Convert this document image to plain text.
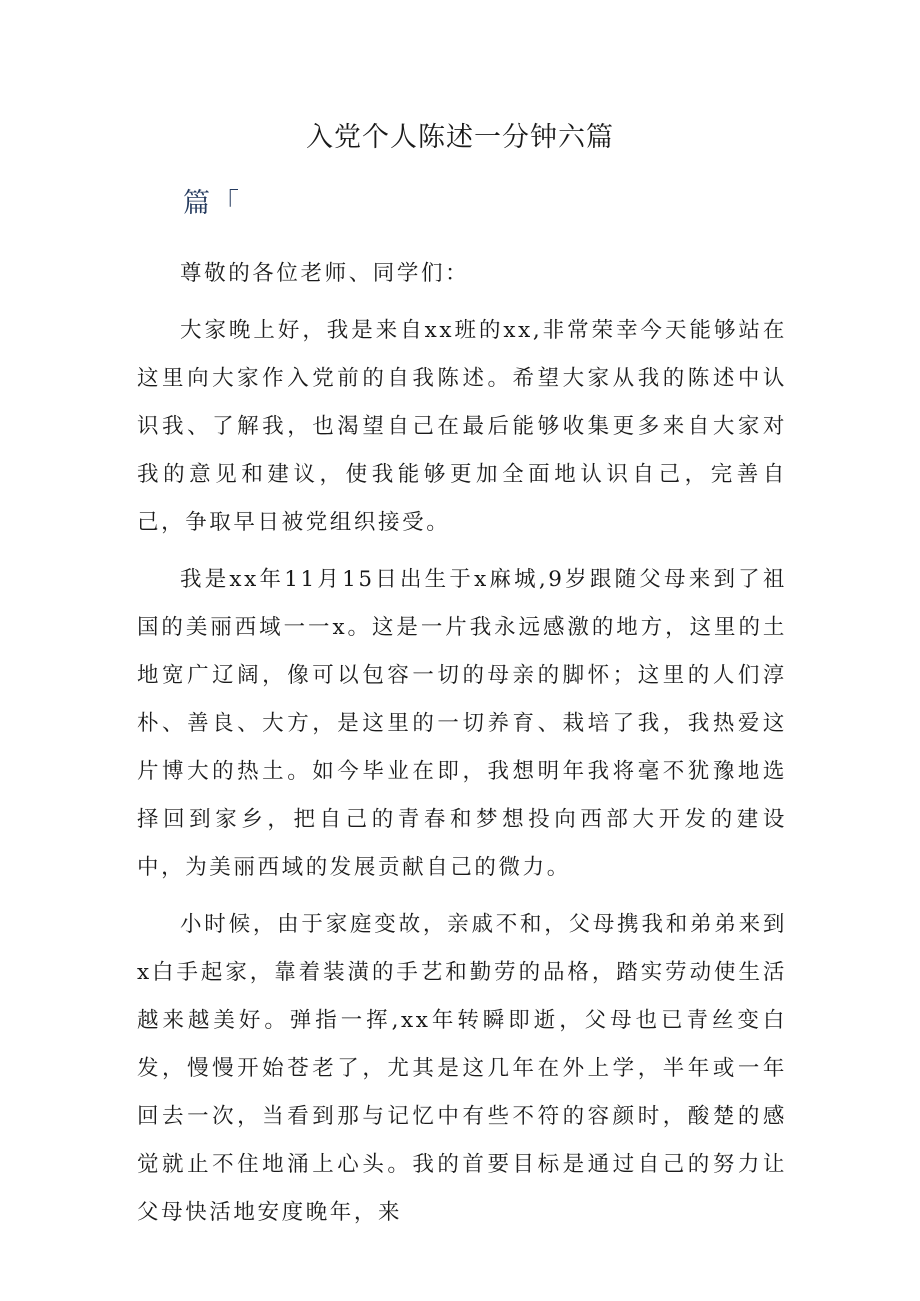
入党个人陈述一分钟六篇
篇「

尊敬的各位老师、同学们：

大家晚上好，我是来自xx班的xx,非常荣幸今天能够站在这里向大家作入党前的自我陈述。希望大家从我的陈述中认识我、了解我，也渴望自己在最后能够收集更多来自大家对我的意见和建议，使我能够更加全面地认识自己，完善自己，争取早日被党组织接受。

我是xx年11月15日出生于x麻城,9岁跟随父母来到了祖国的美丽西域一一x。这是一片我永远感激的地方，这里的土地宽广辽阔，像可以包容一切的母亲的脚怀；这里的人们淳朴、善良、大方，是这里的一切养育、栽培了我，我热爱这片博大的热土。如今毕业在即，我想明年我将毫不犹豫地选择回到家乡，把自己的青春和梦想投向西部大开发的建设中，为美丽西域的发展贡献自己的微力。

小时候，由于家庭变故，亲戚不和，父母携我和弟弟来到x白手起家，靠着装潢的手艺和勤劳的品格，踏实劳动使生活越来越美好。弹指一挥,xx年转瞬即逝，父母也已青丝变白发，慢慢开始苍老了，尤其是这几年在外上学，半年或一年回去一次，当看到那与记忆中有些不符的容颜时，酸楚的感觉就止不住地涌上心头。我的首要目标是通过自己的努力让父母快活地安度晚年，来
